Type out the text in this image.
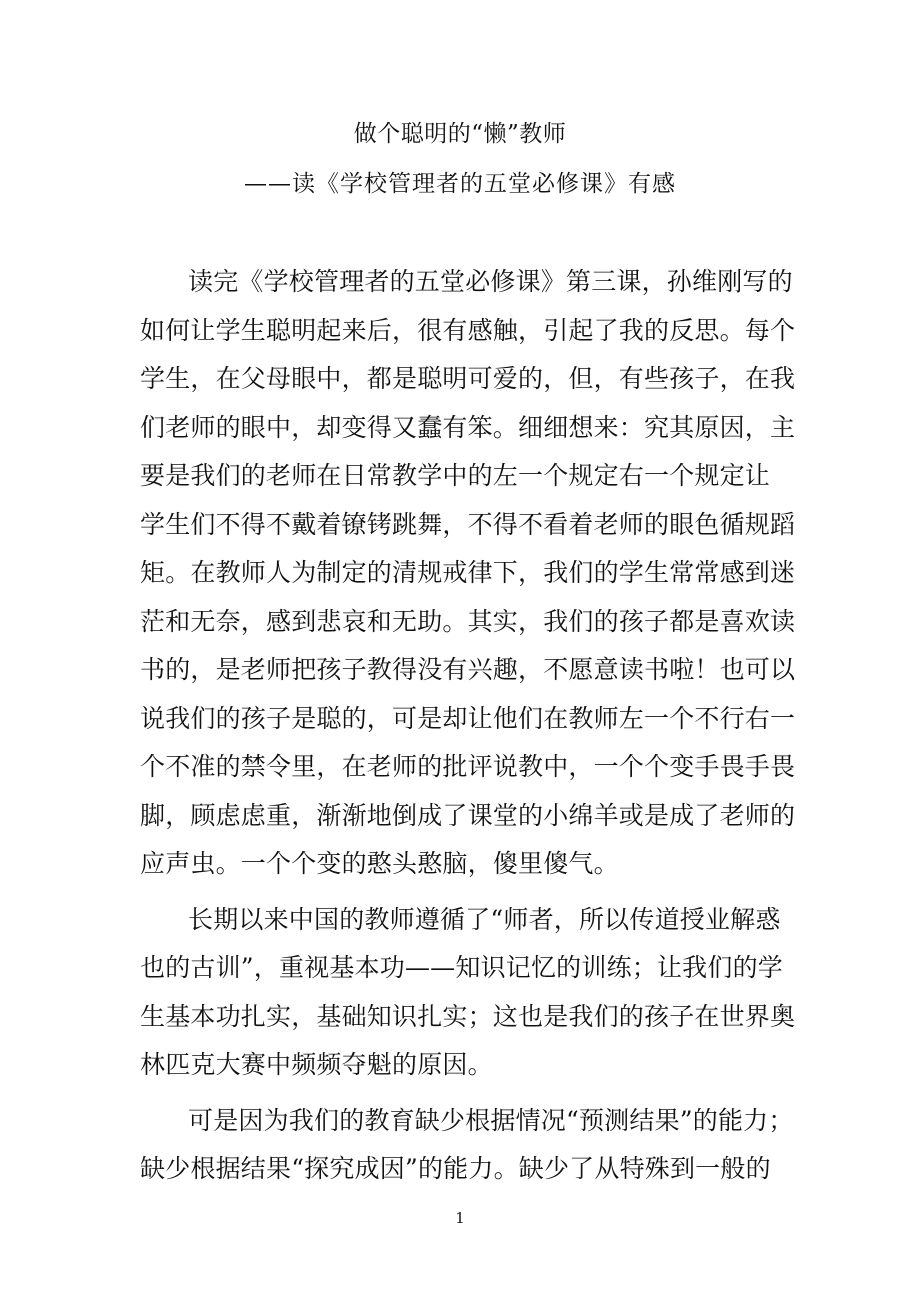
做个聪明的“懒”教师
——读《学校管理者的五堂必修课》有感
读完《学校管理者的五堂必修课》第三课，孙维刚写的
如何让学生聪明起来后，很有感触，引起了我的反思。每个
学生，在父母眼中，都是聪明可爱的，但，有些孩子，在我
们老师的眼中，却变得又蠢有笨。细细想来：究其原因，主
要是我们的老师在日常教学中的左一个规定右一个规定让
学生们不得不戴着镣铐跳舞，不得不看着老师的眼色循规蹈
矩。在教师人为制定的清规戒律下，我们的学生常常感到迷
茫和无奈，感到悲哀和无助。其实，我们的孩子都是喜欢读
书的，是老师把孩子教得没有兴趣，不愿意读书啦！也可以
说我们的孩子是聪的，可是却让他们在教师左一个不行右一
个不准的禁令里，在老师的批评说教中，一个个变手畏手畏
脚，顾虑虑重，渐渐地倒成了课堂的小绵羊或是成了老师的
应声虫。一个个变的憨头憨脑，傻里傻气。
长期以来中国的教师遵循了“师者，所以传道授业解惑
也的古训”，重视基本功——知识记忆的训练；让我们的学
生基本功扎实，基础知识扎实；这也是我们的孩子在世界奥
林匹克大赛中频频夺魁的原因。
可是因为我们的教育缺少根据情况“预测结果”的能力；
缺少根据结果“探究成因”的能力。缺少了从特殊到一般的
1
